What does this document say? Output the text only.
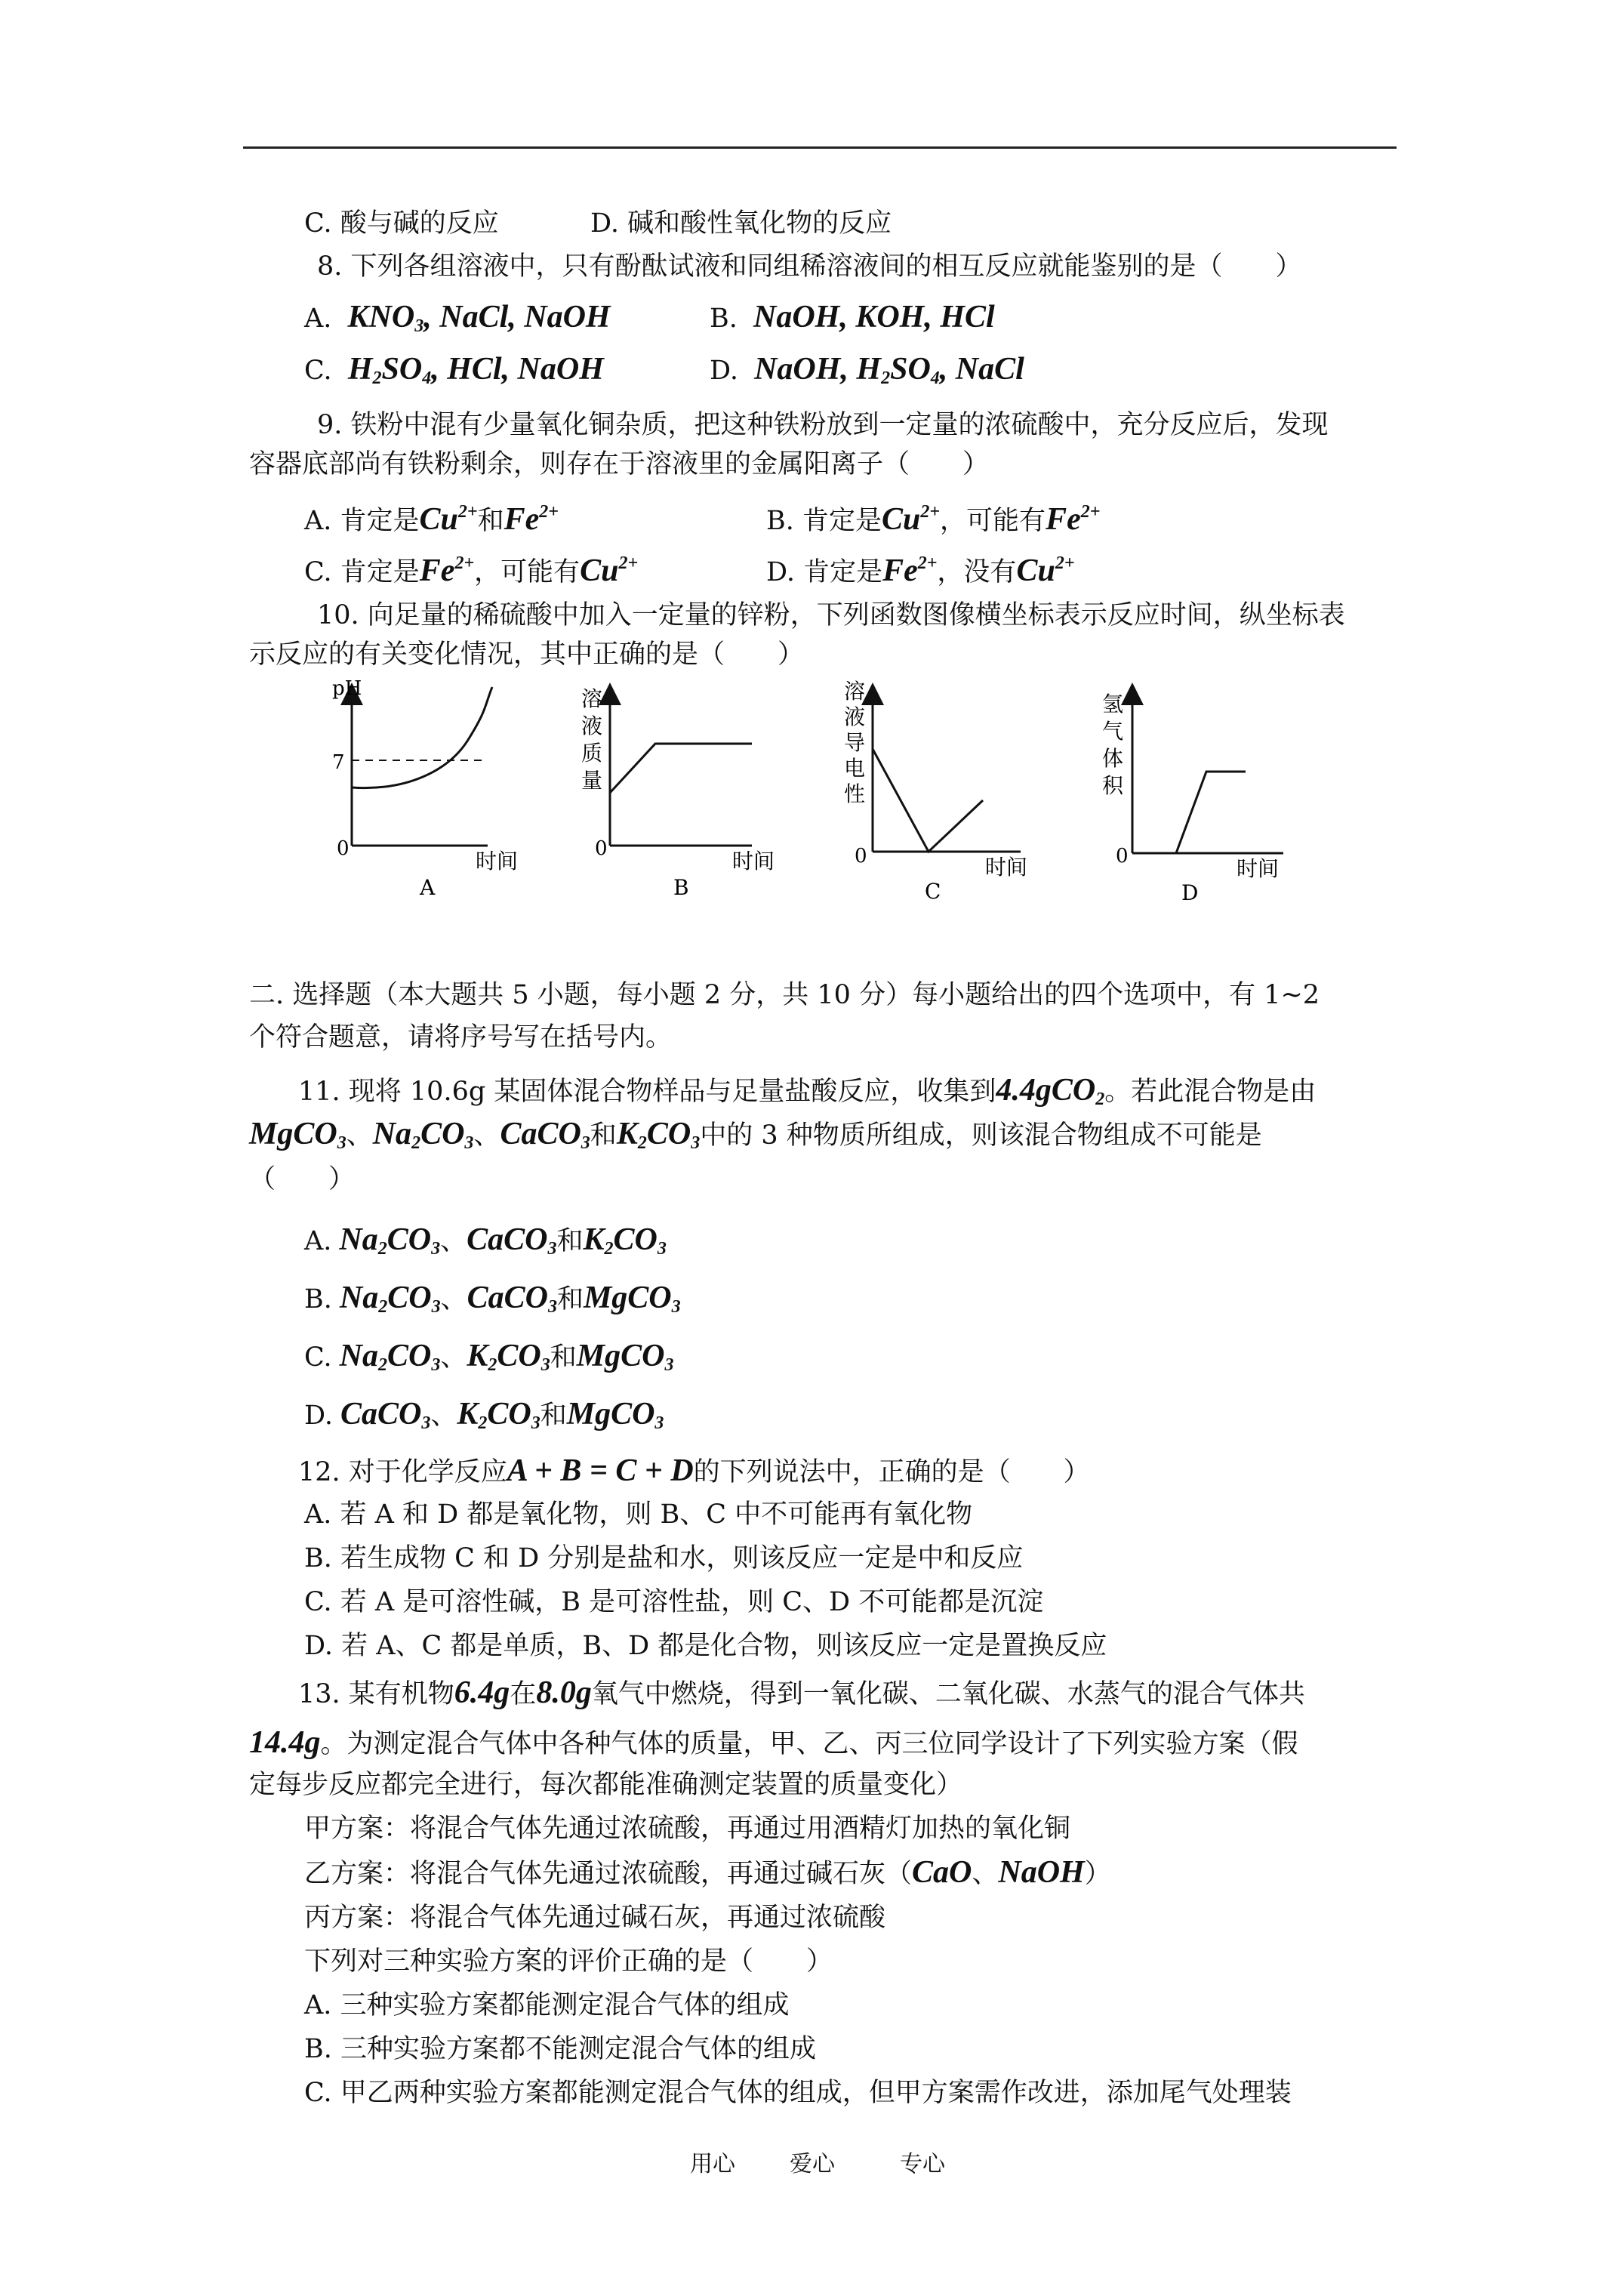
C. 酸与碱的反应	D. 碱和酸性氧化物的反应
8. 下列各组溶液中，只有酚酞试液和同组稀溶液间的相互反应就能鉴别的是（　　）
A. $KNO_3$, NaCl, NaOH	B. NaOH, KOH, HCl
C. $H_2SO_4$, HCl, NaOH	D. NaOH, $H_2SO_4$, NaCl
9. 铁粉中混有少量氧化铜杂质，把这种铁粉放到一定量的浓硫酸中，充分反应后，发现
容器底部尚有铁粉剩余，则存在于溶液里的金属阳离子（　　）
A. 肯定是$Cu^{2+}$和$Fe^{2+}$	B. 肯定是$Cu^{2+}$，可能有$Fe^{2+}$
C. 肯定是$Fe^{2+}$，可能有$Cu^{2+}$	D. 肯定是$Fe^{2+}$，没有$Cu^{2+}$
10. 向足量的稀硫酸中加入一定量的锌粉，下列函数图像横坐标表示反应时间，纵坐标表
示反应的有关变化情况，其中正确的是（　　）
pH
7
0	时间
A
溶液质量
0	时间
B
溶液导电性
0	时间
C
氢气体积
0	时间
D
二. 选择题（本大题共 5 小题，每小题 2 分，共 10 分）每小题给出的四个选项中，有 1~2
个符合题意，请将序号写在括号内。
11. 现将 10.6g 某固体混合物样品与足量盐酸反应，收集到4.4gCO$_2$。若此混合物是由
MgCO$_3$、$Na_2CO_3$、CaCO$_3$和$K_2CO_3$中的 3 种物质所组成，则该混合物组成不可能是
（　　）
A. $Na_2CO_3$、CaCO$_3$和$K_2CO_3$
B. $Na_2CO_3$、CaCO$_3$和MgCO$_3$
C. $Na_2CO_3$、$K_2CO_3$和MgCO$_3$
D. CaCO$_3$、$K_2CO_3$和MgCO$_3$
12. 对于化学反应A + B = C + D的下列说法中，正确的是（　　）
A. 若 A 和 D 都是氧化物，则 B、C 中不可能再有氧化物
B. 若生成物 C 和 D 分别是盐和水，则该反应一定是中和反应
C. 若 A 是可溶性碱，B 是可溶性盐，则 C、D 不可能都是沉淀
D. 若 A、C 都是单质，B、D 都是化合物，则该反应一定是置换反应
13. 某有机物6.4g在8.0g氧气中燃烧，得到一氧化碳、二氧化碳、水蒸气的混合气体共
14.4g。为测定混合气体中各种气体的质量，甲、乙、丙三位同学设计了下列实验方案（假
定每步反应都完全进行，每次都能准确测定装置的质量变化）
甲方案：将混合气体先通过浓硫酸，再通过用酒精灯加热的氧化铜
乙方案：将混合气体先通过浓硫酸，再通过碱石灰（CaO、NaOH）
丙方案：将混合气体先通过碱石灰，再通过浓硫酸
下列对三种实验方案的评价正确的是（　　）
A. 三种实验方案都能测定混合气体的组成
B. 三种实验方案都不能测定混合气体的组成
C. 甲乙两种实验方案都能测定混合气体的组成，但甲方案需作改进，添加尾气处理装
用心 爱心	专心
